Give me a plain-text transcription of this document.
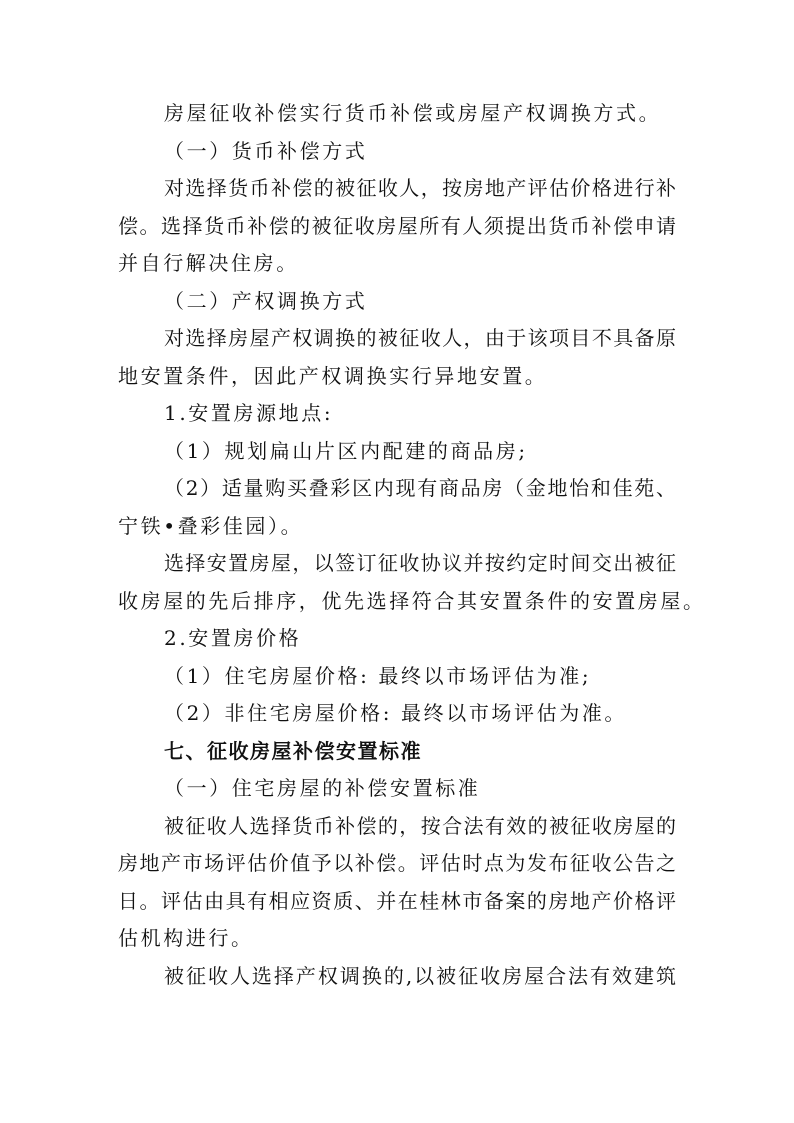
房屋征收补偿实行货币补偿或房屋产权调换方式。

（一）货币补偿方式

对选择货币补偿的被征收人，按房地产评估价格进行补

偿。选择货币补偿的被征收房屋所有人须提出货币补偿申请

并自行解决住房。

（二）产权调换方式

对选择房屋产权调换的被征收人，由于该项目不具备原

地安置条件，因此产权调换实行异地安置。

1.安置房源地点:

（1）规划扁山片区内配建的商品房;

（2）适量购买叠彩区内现有商品房（金地怡和佳苑、

宁铁•叠彩佳园）。

选择安置房屋，以签订征收协议并按约定时间交出被征

收房屋的先后排序，优先选择符合其安置条件的安置房屋。

2.安置房价格

（1）住宅房屋价格: 最终以市场评估为准;

（2）非住宅房屋价格: 最终以市场评估为准。

七、征收房屋补偿安置标准

（一）住宅房屋的补偿安置标准

被征收人选择货币补偿的，按合法有效的被征收房屋的

房地产市场评估价值予以补偿。评估时点为发布征收公告之

日。评估由具有相应资质、并在桂林市备案的房地产价格评

估机构进行。

被征收人选择产权调换的,以被征收房屋合法有效建筑
